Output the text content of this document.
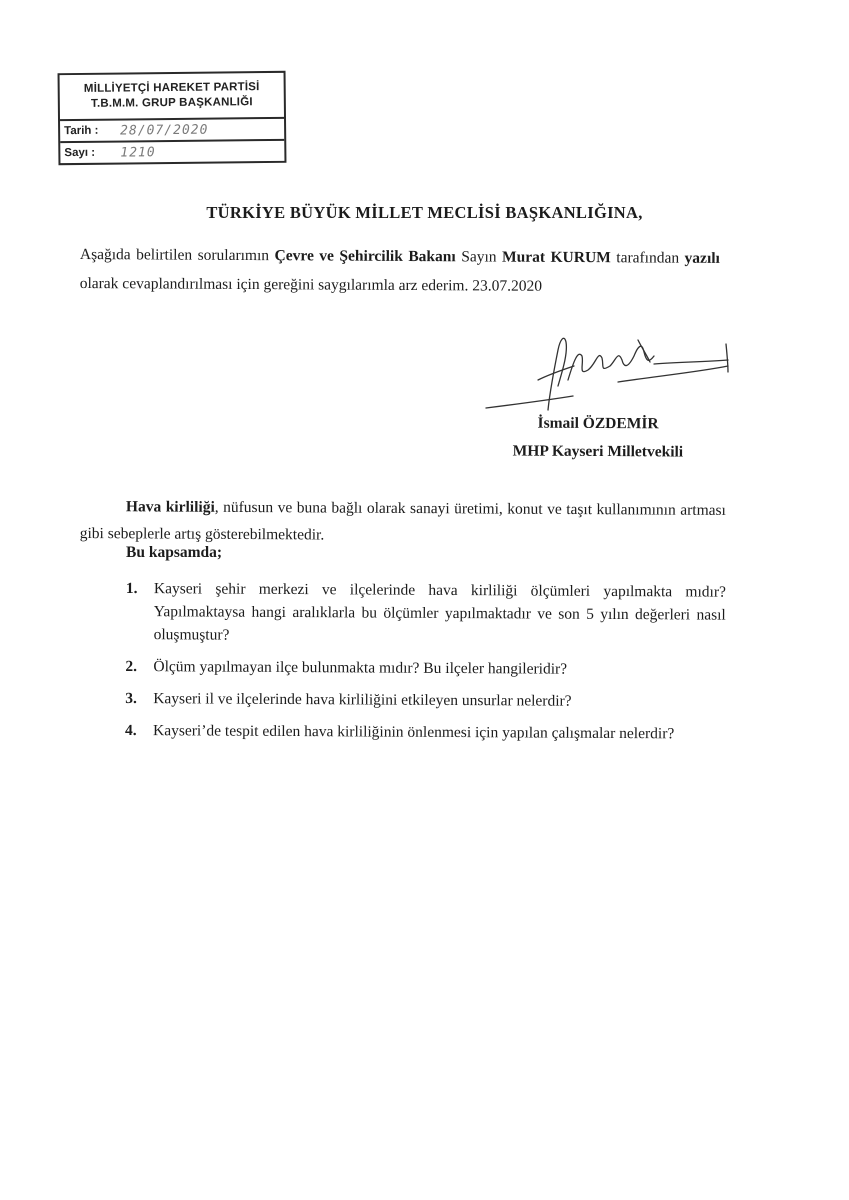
MİLLİYETÇİ HAREKET PARTİSİ
T.B.M.M. GRUP BAŞKANLIĞI
Tarih :	28/07/2020
Sayı :	1210
TÜRKİYE BÜYÜK MİLLET MECLİSİ BAŞKANLIĞINA,
Aşağıda belirtilen sorularımın Çevre ve Şehircilik Bakanı Sayın Murat KURUM tarafından yazılı olarak cevaplandırılması için gereğini saygılarımla arz ederim. 23.07.2020
İsmail ÖZDEMİR
MHP Kayseri Milletvekili
Hava kirliliği, nüfusun ve buna bağlı olarak sanayi üretimi, konut ve taşıt kullanımının artması gibi sebeplerle artış gösterebilmektedir.
Bu kapsamda;
1.	Kayseri şehir merkezi ve ilçelerinde hava kirliliği ölçümleri yapılmakta mıdır? Yapılmaktaysa hangi aralıklarla bu ölçümler yapılmaktadır ve son 5 yılın değerleri nasıl oluşmuştur?
2.	Ölçüm yapılmayan ilçe bulunmakta mıdır? Bu ilçeler hangileridir?
3.	Kayseri il ve ilçelerinde hava kirliliğini etkileyen unsurlar nelerdir?
4.	Kayseri’de tespit edilen hava kirliliğinin önlenmesi için yapılan çalışmalar nelerdir?
